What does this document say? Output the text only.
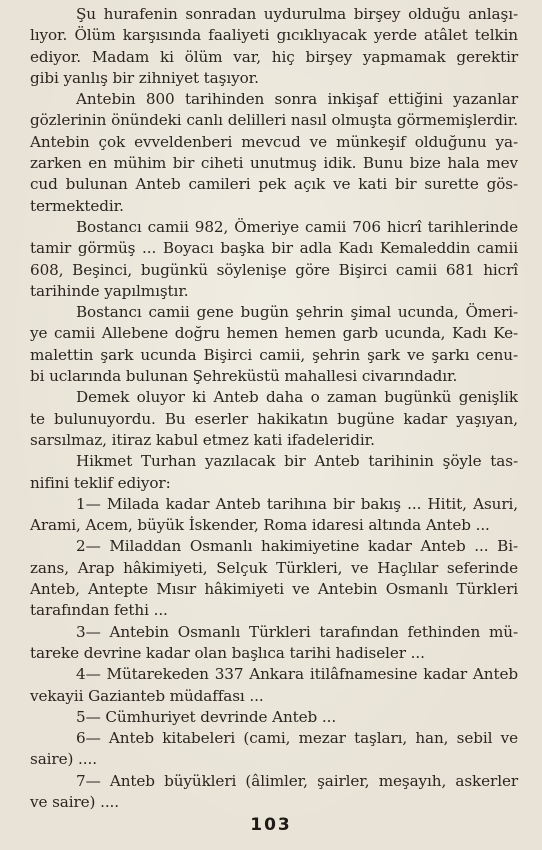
Şu hurafenin sonradan uydurulma birşey olduğu anlaşı-
lıyor. Ölüm karşısında faaliyeti gıcıklıyacak yerde atâlet telkin
ediyor. Madam ki ölüm var, hiç birşey yapmamak gerektir
gibi yanlış bir zihniyet taşıyor.
Antebin 800 tarihinden sonra inkişaf ettiğini yazanlar
gözlerinin önündeki canlı delilleri nasıl olmuşta görmemişlerdir.
Antebin çok evveldenberi mevcud ve münkeşif olduğunu ya-
zarken en mühim bir ciheti unutmuş idik. Bunu bize hala mev
cud bulunan Anteb camileri pek açık ve kati bir surette gös-
termektedir.
Bostancı camii 982, Ömeriye camii 706 hicrî tarihlerinde
tamir görmüş ... Boyacı başka bir adla Kadı Kemaleddin camii
608, Beşinci, bugünkü söylenişe göre Bişirci camii 681 hicrî
tarihinde yapılmıştır.
Bostancı camii gene bugün şehrin şimal ucunda, Ömeri-
ye camii Allebene doğru hemen hemen garb ucunda, Kadı Ke-
malettin şark ucunda Bişirci camii, şehrin şark ve şarkı cenu-
bi uclarında bulunan Şehreküstü mahallesi civarındadır.
Demek oluyor ki Anteb daha o zaman bugünkü genişlik
te bulunuyordu. Bu eserler hakikatın bugüne kadar yaşıyan,
sarsılmaz, itiraz kabul etmez kati ifadeleridir.
Hikmet Turhan yazılacak bir Anteb tarihinin şöyle tas-
nifini teklif ediyor:
1— Milada kadar Anteb tarihına bir bakış ... Hitit, Asuri,
Arami, Acem, büyük İskender, Roma idaresi altında Anteb ...
2— Miladdan Osmanlı hakimiyetine kadar Anteb ... Bi-
zans, Arap hâkimiyeti, Selçuk Türkleri, ve Haçlılar seferinde
Anteb, Antepte Mısır hâkimiyeti ve Antebin Osmanlı Türkleri
tarafından fethi ...
3— Antebin Osmanlı Türkleri tarafından fethinden mü-
tareke devrine kadar olan başlıca tarihi hadiseler ...
4— Mütarekeden 337 Ankara itilâfnamesine kadar Anteb
vekayii Gazianteb müdaffası ...
5— Cümhuriyet devrinde Anteb ...
6— Anteb kitabeleri (cami, mezar taşları, han, sebil ve
saire) ....
7— Anteb büyükleri (âlimler, şairler, meşayıh, askerler
ve saire) ....
103
